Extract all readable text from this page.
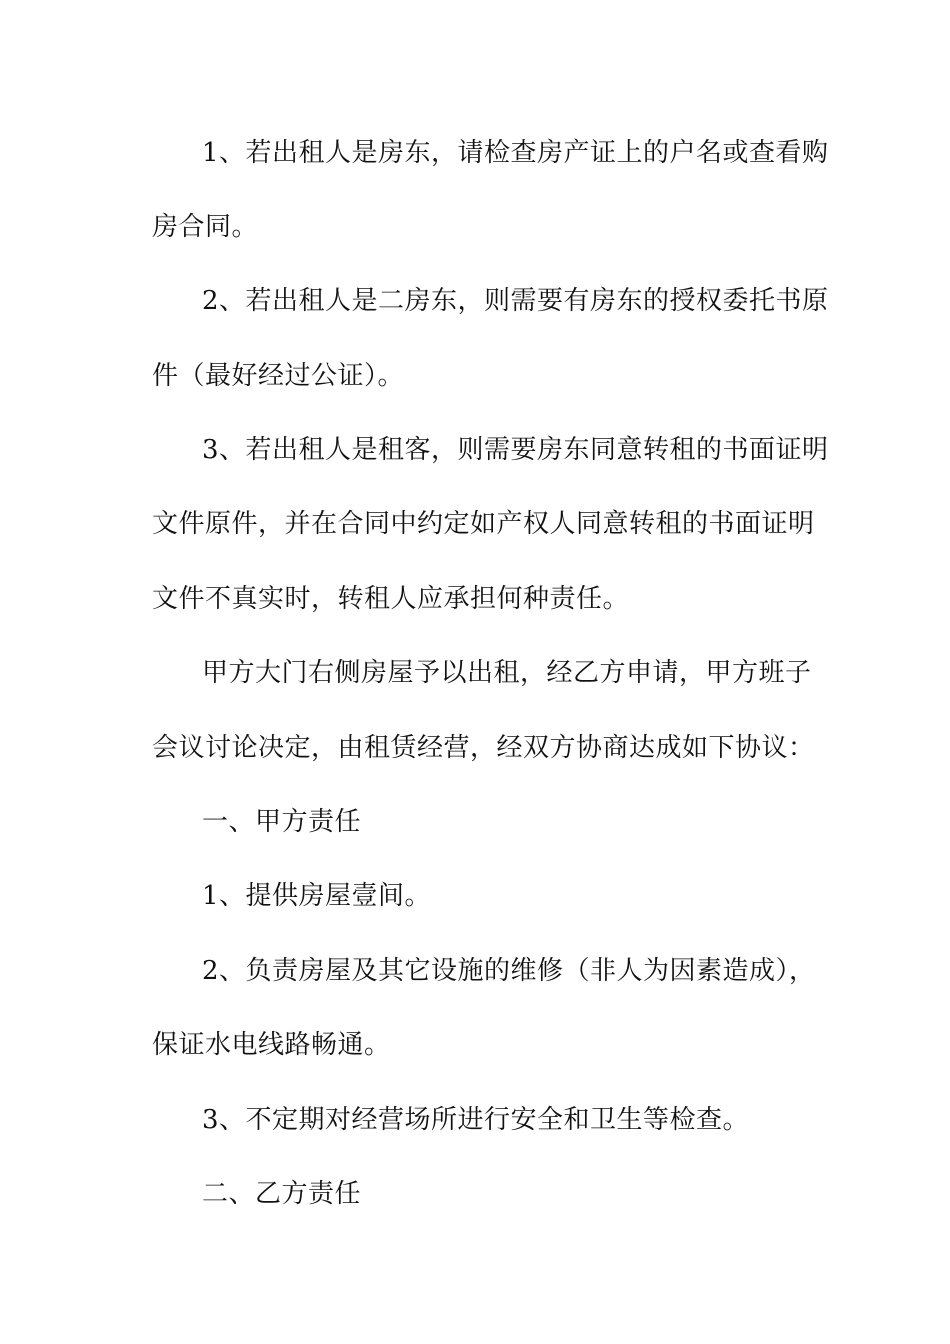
1、若出租人是房东，请检查房产证上的户名或查看购
房合同。
2、若出租人是二房东，则需要有房东的授权委托书原
件（最好经过公证）。
3、若出租人是租客，则需要房东同意转租的书面证明
文件原件，并在合同中约定如产权人同意转租的书面证明
文件不真实时，转租人应承担何种责任。
甲方大门右侧房屋予以出租，经乙方申请，甲方班子
会议讨论决定，由租赁经营，经双方协商达成如下协议：
一、甲方责任
1、提供房屋壹间。
2、负责房屋及其它设施的维修（非人为因素造成），
保证水电线路畅通。
3、不定期对经营场所进行安全和卫生等检查。
二、乙方责任
